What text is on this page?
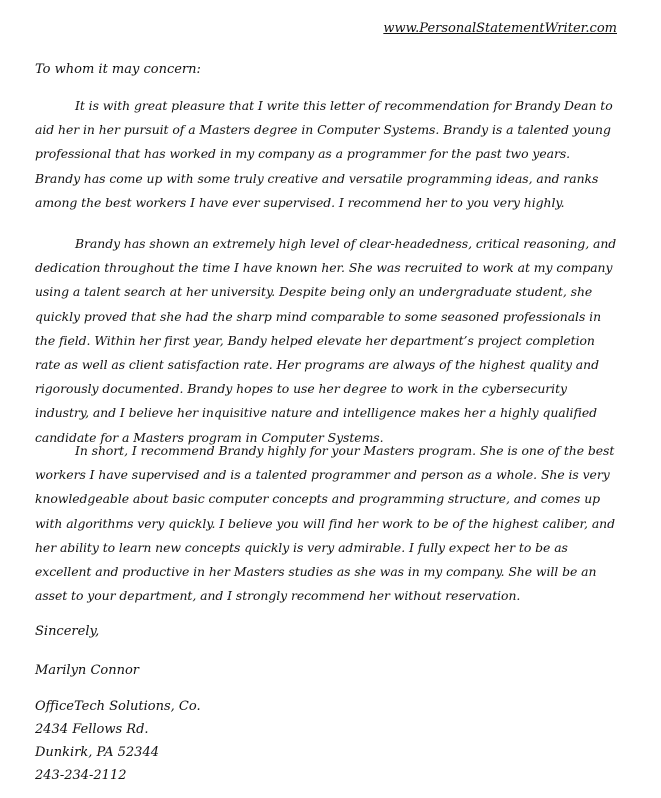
www.PersonalStatementWriter.com
To whom it may concern:

It is with great pleasure that I write this letter of recommendation for Brandy Dean to aid her in her pursuit of a Masters degree in Computer Systems. Brandy is a talented young professional that has worked in my company as a programmer for the past two years. Brandy has come up with some truly creative and versatile programming ideas, and ranks among the best workers I have ever supervised. I recommend her to you very highly.

Brandy has shown an extremely high level of clear-headedness, critical reasoning, and dedication throughout the time I have known her. She was recruited to work at my company using a talent search at her university. Despite being only an undergraduate student, she quickly proved that she had the sharp mind comparable to some seasoned professionals in the field. Within her first year, Bandy helped elevate her department’s project completion rate as well as client satisfaction rate. Her programs are always of the highest quality and rigorously documented. Brandy hopes to use her degree to work in the cybersecurity industry, and I believe her inquisitive nature and intelligence makes her a highly qualified candidate for a Masters program in Computer Systems.

In short, I recommend Brandy highly for your Masters program. She is one of the best workers I have supervised and is a talented programmer and person as a whole. She is very knowledgeable about basic computer concepts and programming structure, and comes up with algorithms very quickly. I believe you will find her work to be of the highest caliber, and her ability to learn new concepts quickly is very admirable. I fully expect her to be as excellent and productive in her Masters studies as she was in my company. She will be an asset to your department, and I strongly recommend her without reservation.

Sincerely,
Marilyn Connor
OfficeTech Solutions, Co.
2434 Fellows Rd.
Dunkirk, PA 52344
243-234-2112
